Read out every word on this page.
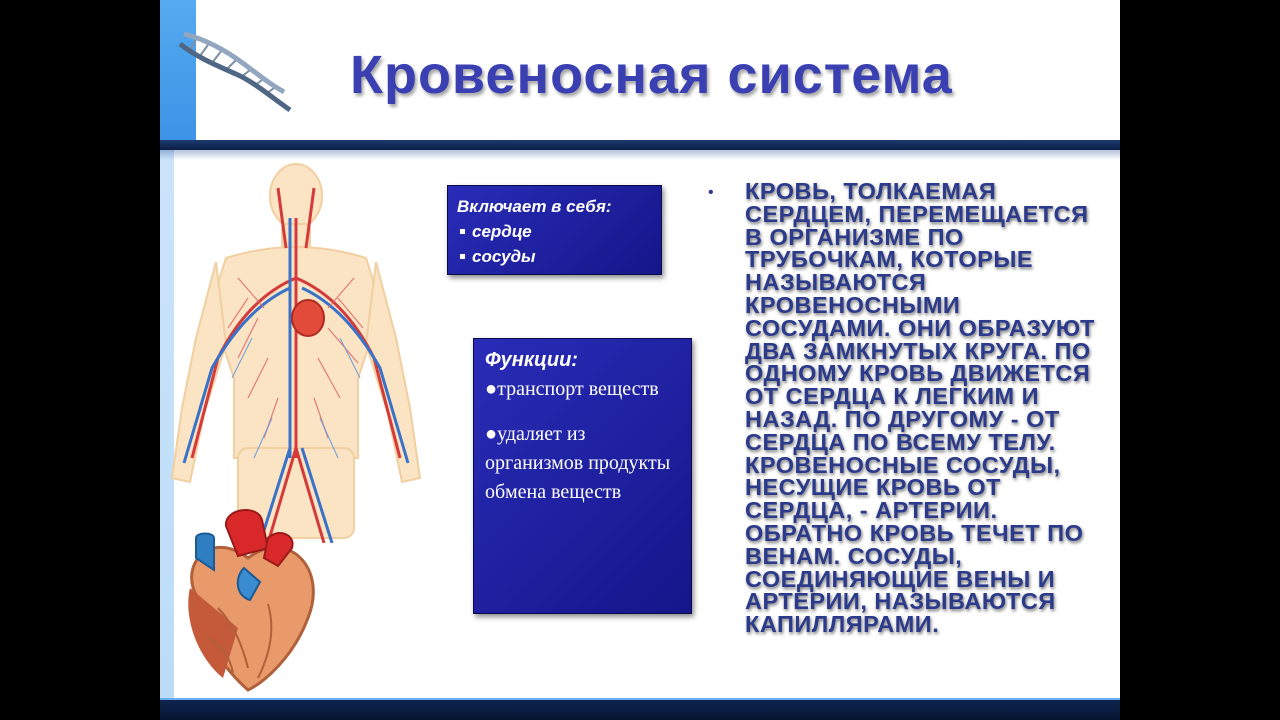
Кровеносная система
Включает в себя:
сердце
сосуды
Функции:
●транспорт веществ
●удаляет из организмов продукты обмена веществ
• КРОВЬ, ТОЛКАЕМАЯ СЕРДЦЕМ, ПЕРЕМЕЩАЕТСЯ В ОРГАНИЗМЕ ПО ТРУБОЧКАМ, КОТОРЫЕ НАЗЫВАЮТСЯ КРОВЕНОСНЫМИ СОСУДАМИ. ОНИ ОБРАЗУЮТ ДВА ЗАМКНУТЫХ КРУГА. ПО ОДНОМУ КРОВЬ ДВИЖЕТСЯ ОТ СЕРДЦА К ЛЕГКИМ И НАЗАД. ПО ДРУГОМУ - ОТ СЕРДЦА ПО ВСЕМУ ТЕЛУ. КРОВЕНОСНЫЕ СОСУДЫ, НЕСУЩИЕ КРОВЬ ОТ СЕРДЦА, - АРТЕРИИ. ОБРАТНО КРОВЬ ТЕЧЕТ ПО ВЕНАМ. СОСУДЫ, СОЕДИНЯЮЩИЕ ВЕНЫ И АРТЕРИИ, НАЗЫВАЮТСЯ КАПИЛЛЯРАМИ.
